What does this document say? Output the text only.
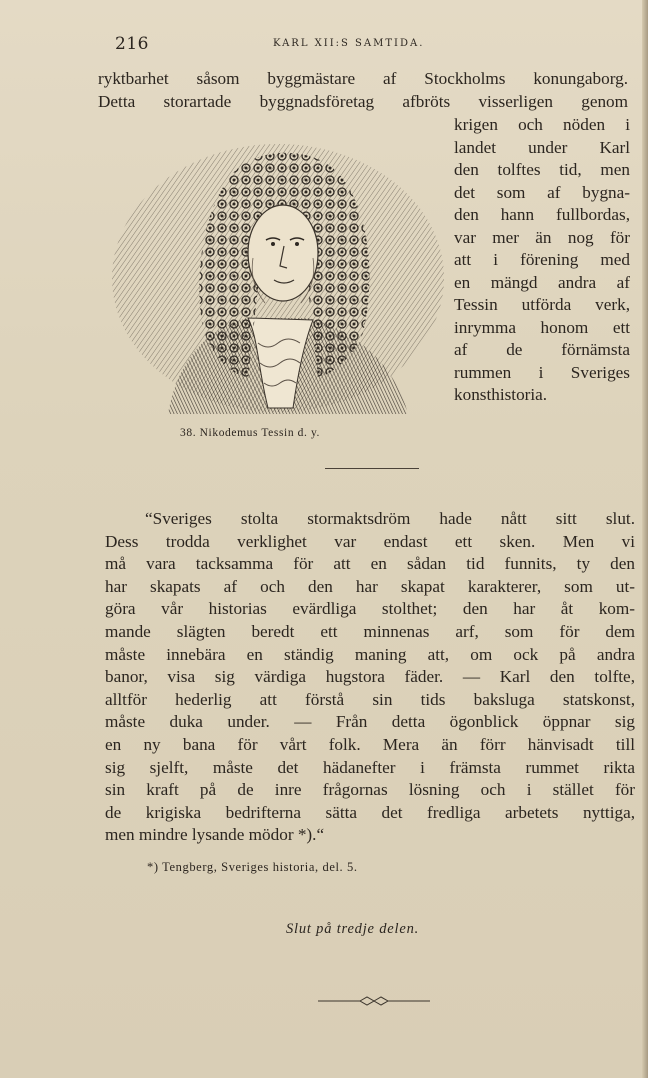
216	KARL XII:S SAMTIDA.
ryktbarhet såsom byggmästare af Stockholms konungaborg.
Detta storartade byggnadsföretag afbröts visserligen genom
krigen och nöden i
landet under Karl
den tolftes tid, men
det som af bygna-
den hann fullbordas,
var mer än nog för
att i förening med
en mängd andra af
Tessin utförda verk,
inrymma honom ett
af de förnämsta
rummen i Sveriges
konsthistoria.
38. Nikodemus Tessin d. y.
“Sveriges stolta stormaktsdröm hade nått sitt slut.
Dess trodda verklighet var endast ett sken. Men vi
må vara tacksamma för att en sådan tid funnits, ty den
har skapats af och den har skapat karakterer, som ut-
göra vår historias evärdliga stolthet; den har åt kom-
mande slägten beredt ett minnenas arf, som för dem
måste innebära en ständig maning att, om ock på andra
banor, visa sig värdiga hugstora fäder. — Karl den tolfte,
alltför hederlig att förstå sin tids baksluga statskonst,
måste duka under. — Från detta ögonblick öppnar sig
en ny bana för vårt folk. Mera än förr hänvisadt till
sig sjelft, måste det hädanefter i främsta rummet rikta
sin kraft på de inre frågornas lösning och i stället för
de krigiska bedrifterna sätta det fredliga arbetets nyttiga,
men mindre lysande mödor *).“
*) Tengberg, Sveriges historia, del. 5.
Slut på tredje delen.
